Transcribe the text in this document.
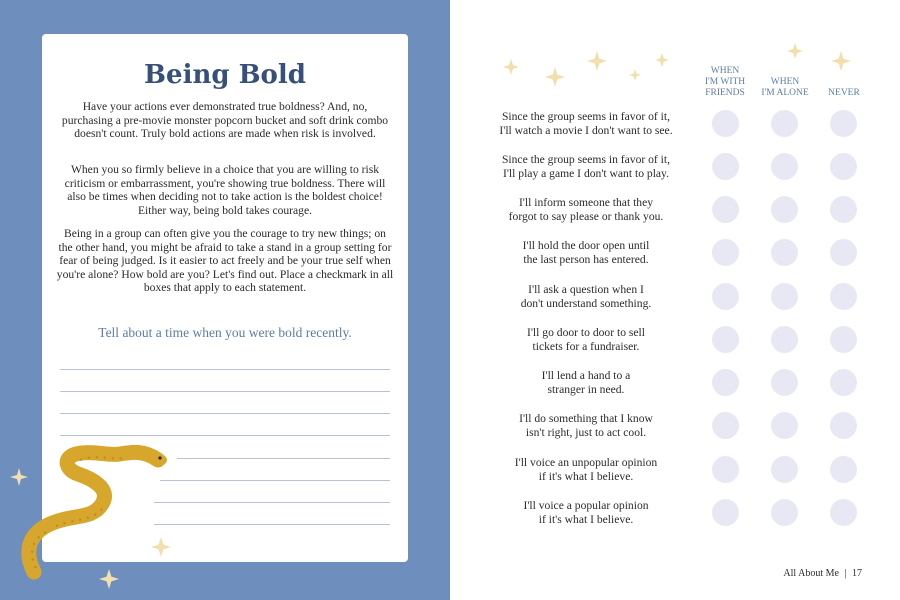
Being Bold

Have your actions ever demonstrated true boldness? And, no, purchasing a pre-movie monster popcorn bucket and soft drink combo doesn't count. Truly bold actions are made when risk is involved.

When you so firmly believe in a choice that you are willing to risk criticism or embarrassment, you're showing true boldness. There will also be times when deciding not to take action is the boldest choice! Either way, being bold takes courage.

Being in a group can often give you the courage to try new things; on the other hand, you might be afraid to take a stand in a group setting for fear of being judged. Is it easier to act freely and be your true self when you're alone? How bold are you? Let's find out. Place a checkmark in all boxes that apply to each statement.

Tell about a time when you were bold recently.

WHEN
I'M WITH
FRIENDS

WHEN
I'M ALONE	NEVER

Since the group seems in favor of it,
I'll watch a movie I don't want to see.

Since the group seems in favor of it,
I'll play a game I don't want to play.

I'll inform someone that they
forgot to say please or thank you.

I'll hold the door open until
the last person has entered.

I'll ask a question when I
don't understand something.

I'll go door to door to sell
tickets for a fundraiser.

I'll lend a hand to a
stranger in need.

I'll do something that I know
isn't right, just to act cool.

I'll voice an unpopular opinion
if it's what I believe.

I'll voice a popular opinion
if it's what I believe.

All About Me | 17
